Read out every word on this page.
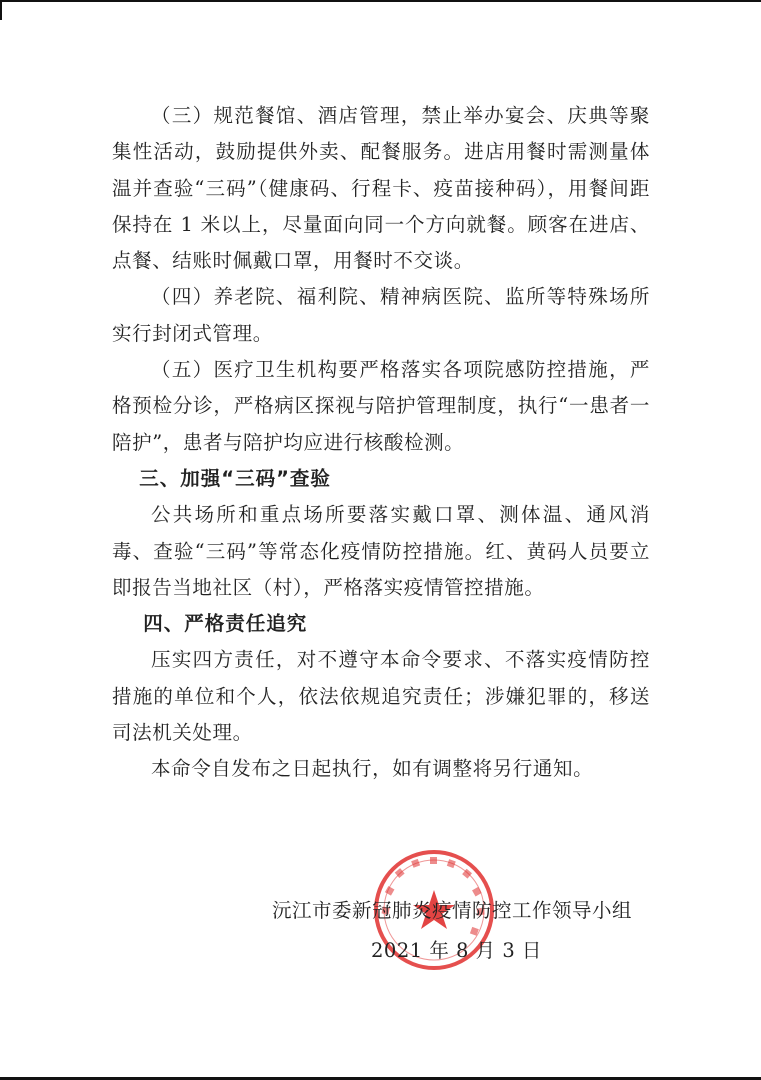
（三）规范餐馆、酒店管理，禁止举办宴会、庆典等聚集性活动，鼓励提供外卖、配餐服务。进店用餐时需测量体温并查验“三码”（健康码、行程卡、疫苗接种码），用餐间距保持在 1 米以上，尽量面向同一个方向就餐。顾客在进店、点餐、结账时佩戴口罩，用餐时不交谈。

（四）养老院、福利院、精神病医院、监所等特殊场所实行封闭式管理。

（五）医疗卫生机构要严格落实各项院感防控措施，严格预检分诊，严格病区探视与陪护管理制度，执行“一患者一陪护”，患者与陪护均应进行核酸检测。

三、加强“三码”查验

公共场所和重点场所要落实戴口罩、测体温、通风消毒、查验“三码”等常态化疫情防控措施。红、黄码人员要立即报告当地社区（村），严格落实疫情管控措施。

四、严格责任追究

压实四方责任，对不遵守本命令要求、不落实疫情防控措施的单位和个人，依法依规追究责任；涉嫌犯罪的，移送司法机关处理。

本命令自发布之日起执行，如有调整将另行通知。

沅江市委新冠肺炎疫情防控工作领导小组
2021 年 8 月 3 日
